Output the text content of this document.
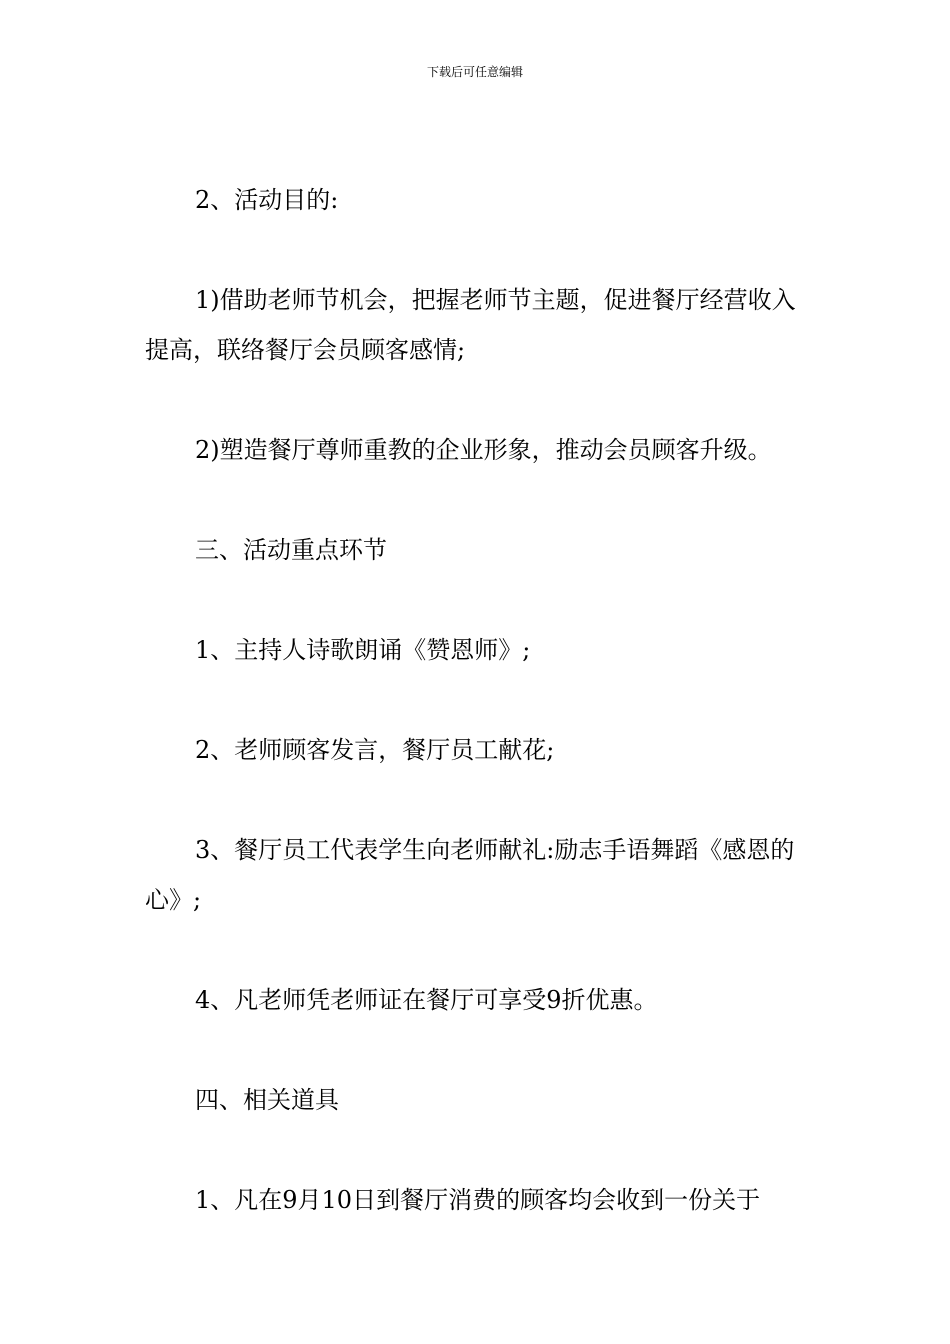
下载后可任意编辑
2、活动目的:
1)借助老师节机会，把握老师节主题，促进餐厅经营收入提高，联络餐厅会员顾客感情;
2)塑造餐厅尊师重教的企业形象，推动会员顾客升级。
三、活动重点环节
1、主持人诗歌朗诵《赞恩师》;
2、老师顾客发言，餐厅员工献花;
3、餐厅员工代表学生向老师献礼:励志手语舞蹈《感恩的心》;
4、凡老师凭老师证在餐厅可享受9折优惠。
四、相关道具
1、凡在9月10日到餐厅消费的顾客均会收到一份关于
